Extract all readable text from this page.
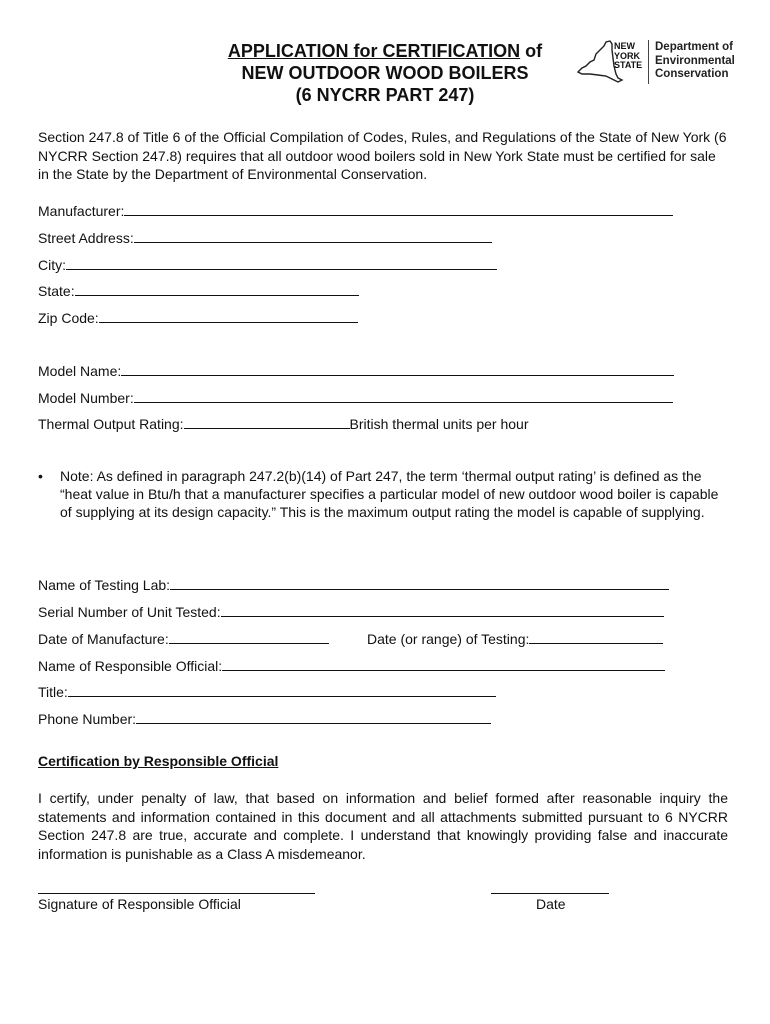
APPLICATION for CERTIFICATION of
NEW OUTDOOR WOOD BOILERS
(6 NYCRR PART 247)
NEW
YORK
STATE
Department of
Environmental
Conservation
Section 247.8 of Title 6 of the Official Compilation of Codes, Rules, and Regulations of the State of New York (6 NYCRR Section 247.8) requires that all outdoor wood boilers sold in New York State must be certified for sale in the State by the Department of Environmental Conservation.
Manufacturer:
Street Address:
City:
State:
Zip Code:
Model Name:
Model Number:
Thermal Output Rating:	British thermal units per hour
• Note: As defined in paragraph 247.2(b)(14) of Part 247, the term ‘thermal output rating’ is defined as the “heat value in Btu/h that a manufacturer specifies a particular model of new outdoor wood boiler is capable of supplying at its design capacity.” This is the maximum output rating the model is capable of supplying.
Name of Testing Lab:
Serial Number of Unit Tested:
Date of Manufacture:	Date (or range) of Testing:
Name of Responsible Official:
Title:
Phone Number:
Certification by Responsible Official
I certify, under penalty of law, that based on information and belief formed after reasonable inquiry the statements and information contained in this document and all attachments submitted pursuant to 6 NYCRR Section 247.8 are true, accurate and complete. I understand that knowingly providing false and inaccurate information is punishable as a Class A misdemeanor.
Signature of Responsible Official	Date
